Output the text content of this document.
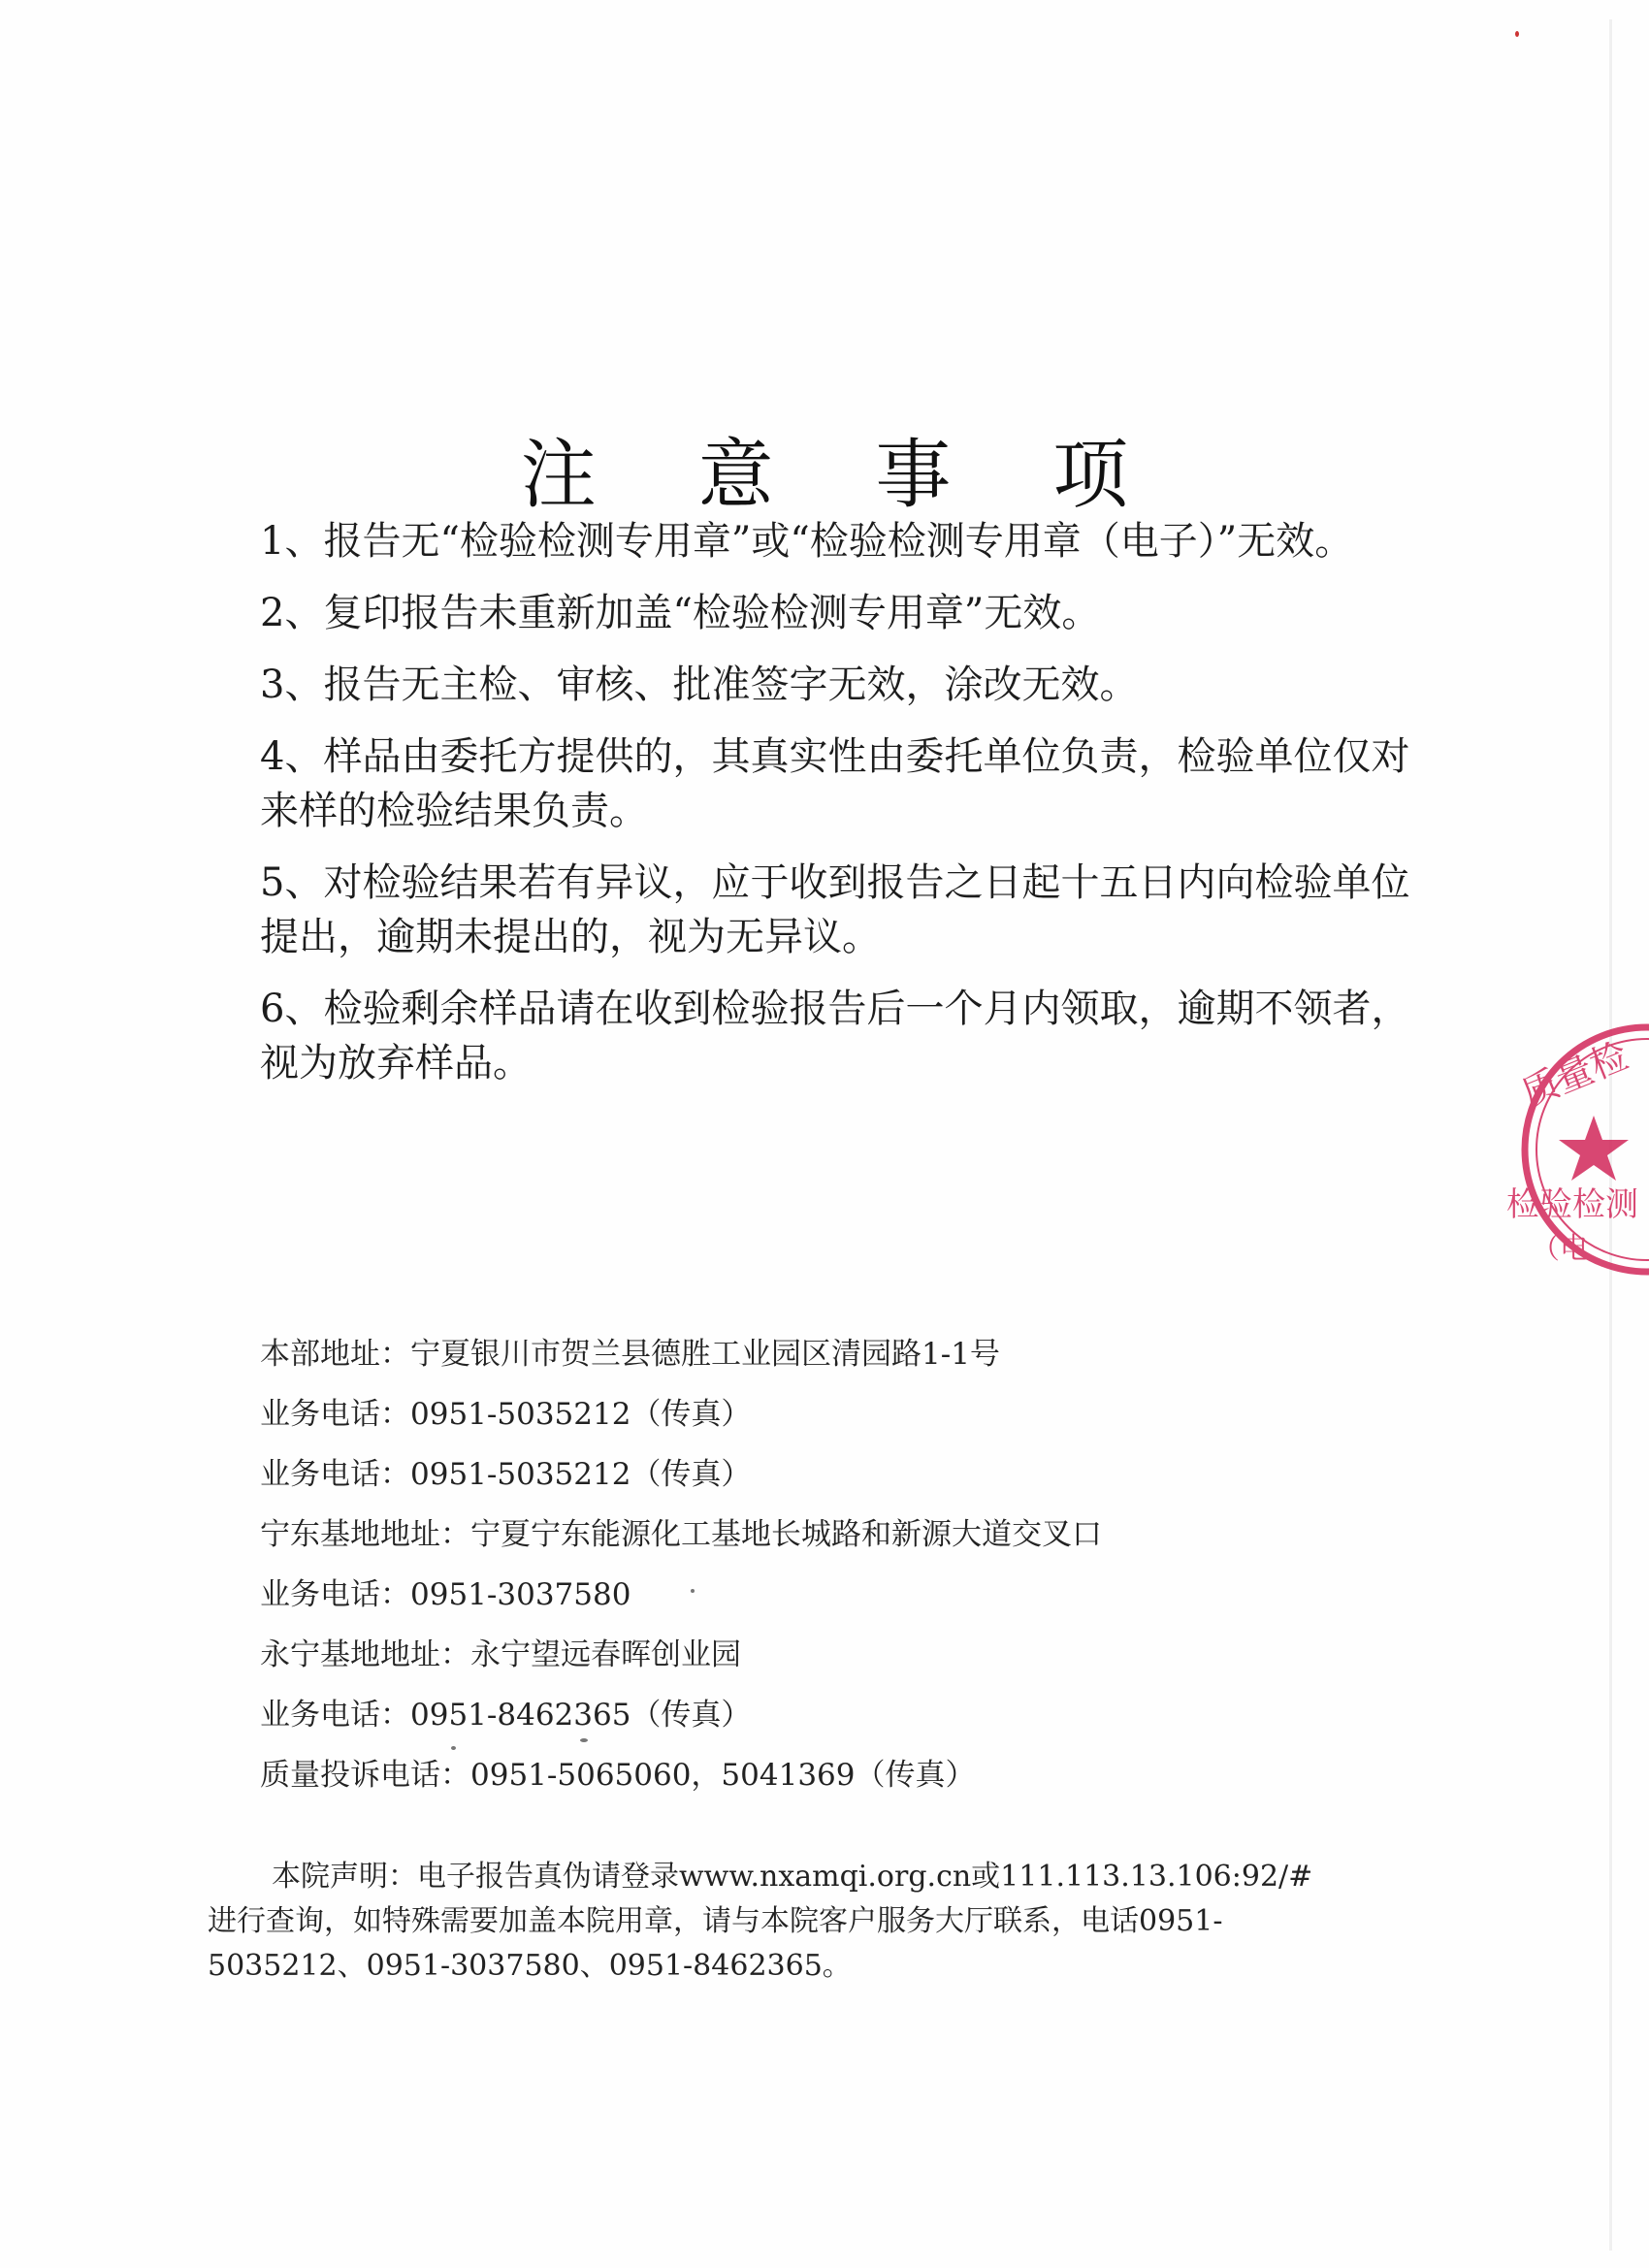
注 意 事 项

1、报告无“检验检测专用章”或“检验检测专用章（电子）”无效。

2、复印报告未重新加盖“检验检测专用章”无效。

3、报告无主检、审核、批准签字无效，涂改无效。

4、样品由委托方提供的，其真实性由委托单位负责，检验单位仅对来样的检验结果负责。

5、对检验结果若有异议，应于收到报告之日起十五日内向检验单位提出，逾期未提出的，视为无异议。

6、检验剩余样品请在收到检验报告后一个月内领取，逾期不领者，视为放弃样品。

本部地址：宁夏银川市贺兰县德胜工业园区清园路1-1号
业务电话：0951-5035212（传真）
业务电话：0951-5035212（传真）
宁东基地地址：宁夏宁东能源化工基地长城路和新源大道交叉口
业务电话：0951-3037580
永宁基地地址：永宁望远春晖创业园
业务电话：0951-8462365（传真）
质量投诉电话：0951-5065060，5041369（传真）

本院声明：电子报告真伪请登录www.nxamqi.org.cn或111.113.13.106:92/#进行查询，如特殊需要加盖本院用章，请与本院客户服务大厅联系，电话0951-5035212、0951-3037580、0951-8462365。

质量检
检验检测
（电
